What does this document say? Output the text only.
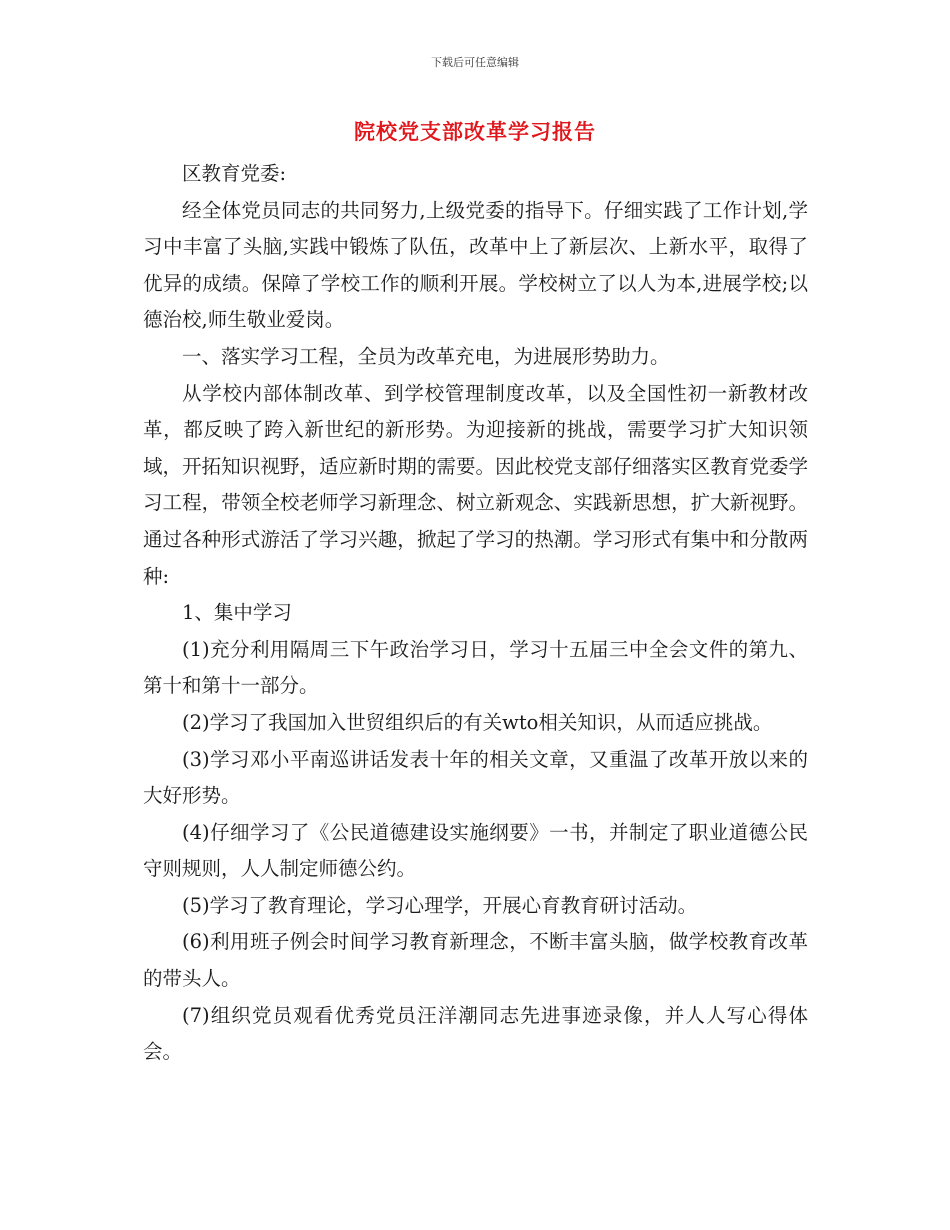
下载后可任意编辑
院校党支部改革学习报告

区教育党委:

经全体党员同志的共同努力,上级党委的指导下。仔细实践了工作计划,学习中丰富了头脑,实践中锻炼了队伍，改革中上了新层次、上新水平，取得了优异的成绩。保障了学校工作的顺利开展。学校树立了以人为本,进展学校;以德治校,师生敬业爱岗。

一、落实学习工程，全员为改革充电，为进展形势助力。

从学校内部体制改革、到学校管理制度改革，以及全国性初一新教材改革，都反映了跨入新世纪的新形势。为迎接新的挑战，需要学习扩大知识领域，开拓知识视野，适应新时期的需要。因此校党支部仔细落实区教育党委学习工程，带领全校老师学习新理念、树立新观念、实践新思想，扩大新视野。通过各种形式游活了学习兴趣，掀起了学习的热潮。学习形式有集中和分散两种:

1、集中学习

(1)充分利用隔周三下午政治学习日，学习十五届三中全会文件的第九、第十和第十一部分。

(2)学习了我国加入世贸组织后的有关wto相关知识，从而适应挑战。

(3)学习邓小平南巡讲话发表十年的相关文章，又重温了改革开放以来的大好形势。

(4)仔细学习了《公民道德建设实施纲要》一书，并制定了职业道德公民守则规则，人人制定师德公约。

(5)学习了教育理论，学习心理学，开展心育教育研讨活动。

(6)利用班子例会时间学习教育新理念，不断丰富头脑，做学校教育改革的带头人。

(7)组织党员观看优秀党员汪洋潮同志先进事迹录像，并人人写心得体会。
